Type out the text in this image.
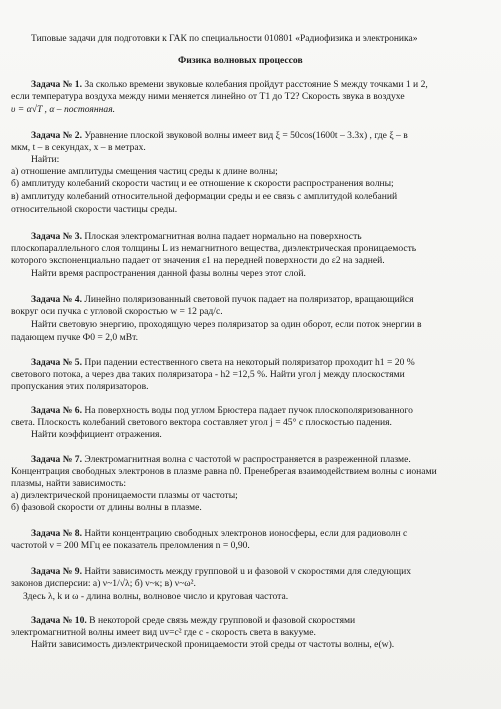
Типовые задачи для подготовки к ГАК по специальности 010801 «Радиофизика и электроника»
Физика волновых процессов
Задача № 1. За сколько времени звуковые колебания пройдут расстояние S между точками 1 и 2,
если температура воздуха между ними меняется линейно от T1 до T2? Скорость звука в воздухе
υ = α√T , α – постоянная.
Задача № 2. Уравнение плоской звуковой волны имеет вид ξ = 50cos(1600t – 3.3x) , где ξ – в
мкм, t – в секундах, x – в метрах.
Найти:
а) отношение амплитуды смещения частиц среды к длине волны;
б) амплитуду колебаний скорости частиц и ее отношение к скорости распространения волны;
в) амплитуду колебаний относительной деформации среды и ее связь с амплитудой колебаний
относительной скорости частицы среды.
Задача № 3. Плоская электромагнитная волна падает нормально на поверхность
плоскопараллельного слоя толщины L из немагнитного вещества, диэлектрическая проницаемость
которого экспоненциально падает от значения ε1 на передней поверхности до ε2 на задней.
Найти время распространения данной фазы волны через этот слой.
Задача № 4. Линейно поляризованный световой пучок падает на поляризатор, вращающийся
вокруг оси пучка с угловой скоростью w = 12 рад/с.
Найти световую энергию, проходящую через поляризатор за один оборот, если поток энергии в
падающем пучке Ф0 = 2,0 мВт.
Задача № 5. При падении естественного света на некоторый поляризатор проходит h1 = 20 %
светового потока, а через два таких поляризатора - h2 =12,5 %. Найти угол j между плоскостями
пропускания этих поляризаторов.
Задача № 6. На поверхность воды под углом Брюстера падает пучок плоскополяризованного
света. Плоскость колебаний светового вектора составляет угол j = 45° с плоскостью падения.
Найти коэффициент отражения.
Задача № 7. Электромагнитная волна с частотой w распространяется в разреженной плазме.
Концентрация свободных электронов в плазме равна n0. Пренебрегая взаимодействием волны с ионами
плазмы, найти зависимость:
а) диэлектрической проницаемости плазмы от частоты;
б) фазовой скорости от длины волны в плазме.
Задача № 8. Найти концентрацию свободных электронов ионосферы, если для радиоволн с
частотой ν = 200 МГц ее показатель преломления n = 0,90.
Задача № 9. Найти зависимость между групповой u и фазовой v скоростями для следующих
законов дисперсии: а) ν~1/√λ; б) ν~κ; в) ν~ω².
Здесь λ, k и ω - длина волны, волновое число и круговая частота.
Задача № 10. В некоторой среде связь между групповой и фазовой скоростями
электромагнитной волны имеет вид uv=c² где c - скорость света в вакууме.
Найти зависимость диэлектрической проницаемости этой среды от частоты волны, e(w).
